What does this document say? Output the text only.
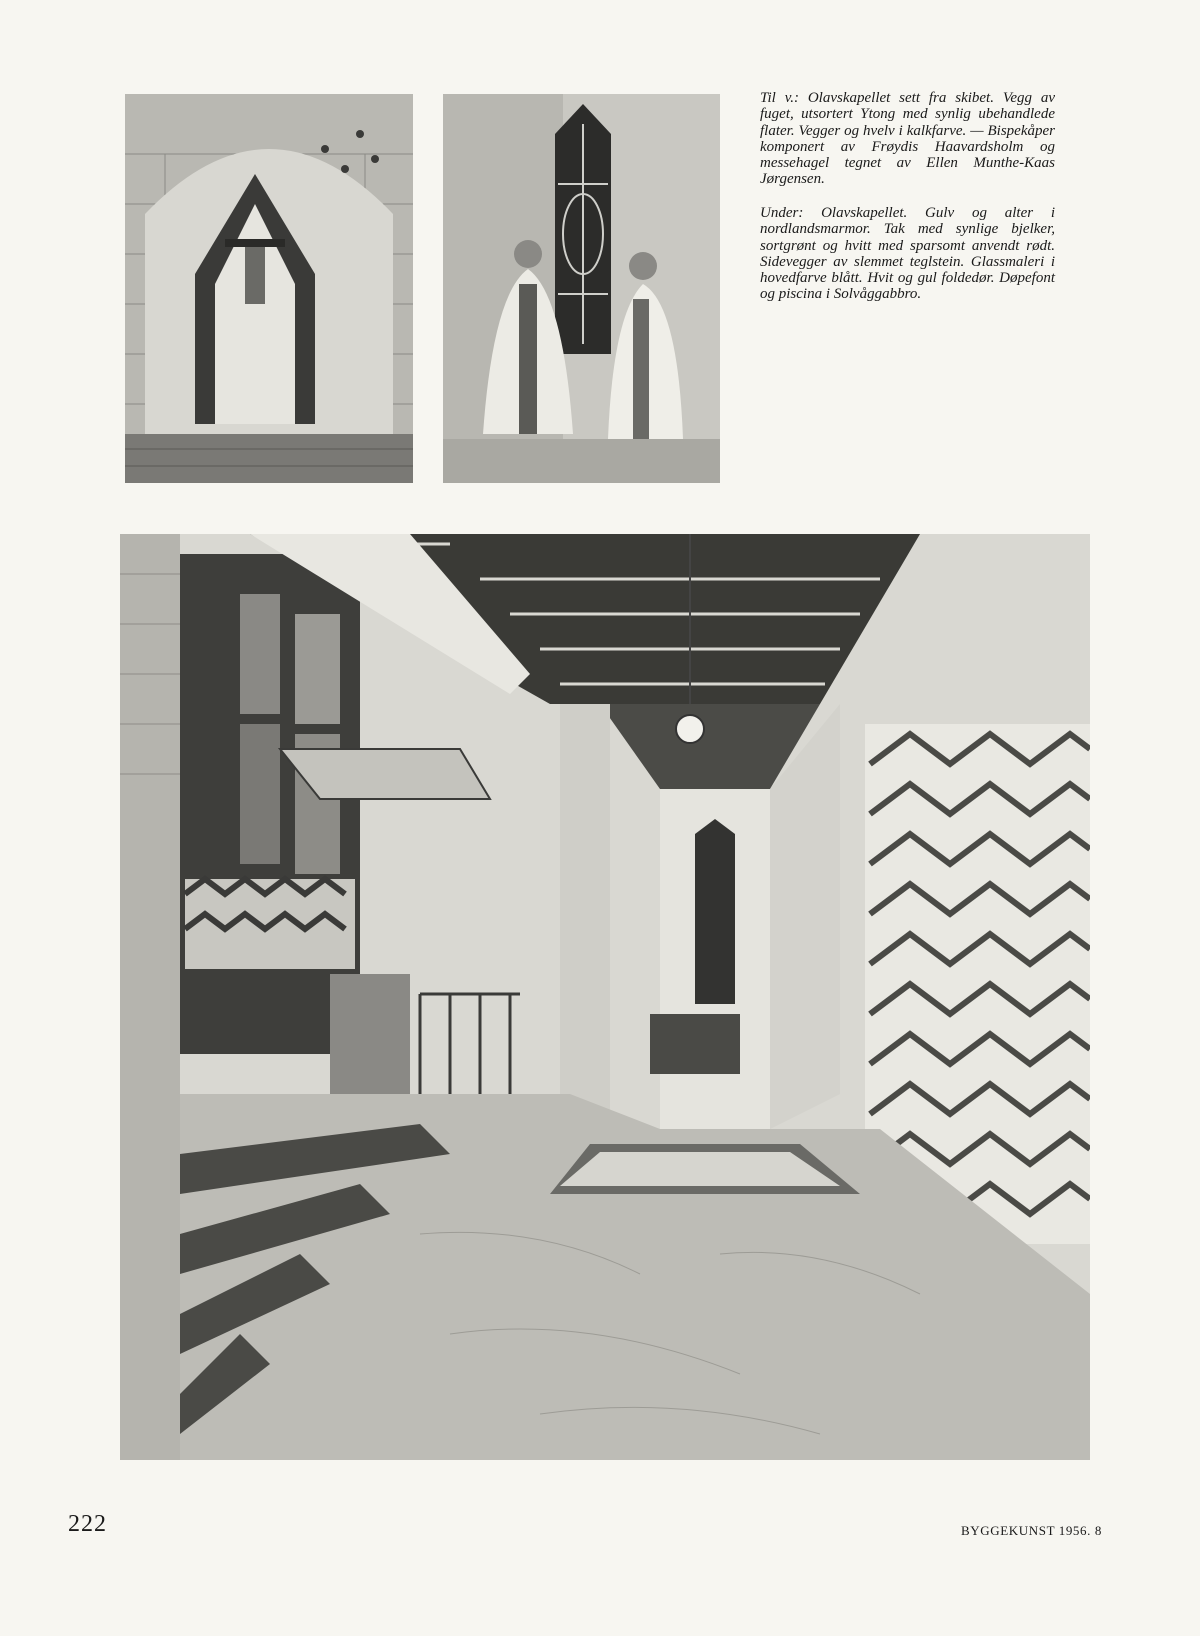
Til v.: Olavskapellet sett fra skibet. Vegg av fuget, utsortert Ytong med synlig ubehandlede flater. Vegger og hvelv i kalkfarve. — Bispekåper komponert av Frøydis Haavardsholm og messehagel tegnet av Ellen Munthe-Kaas Jørgensen.

Under: Olavskapellet. Gulv og alter i nordlandsmarmor. Tak med synlige bjelker, sortgrønt og hvitt med sparsomt anvendt rødt. Sidevegger av slemmet teglstein. Glassmaleri i hovedfarve blått. Hvit og gul foldedør. Døpefont og piscina i Solvåggabbro.

222	BYGGEKUNST 1956. 8
